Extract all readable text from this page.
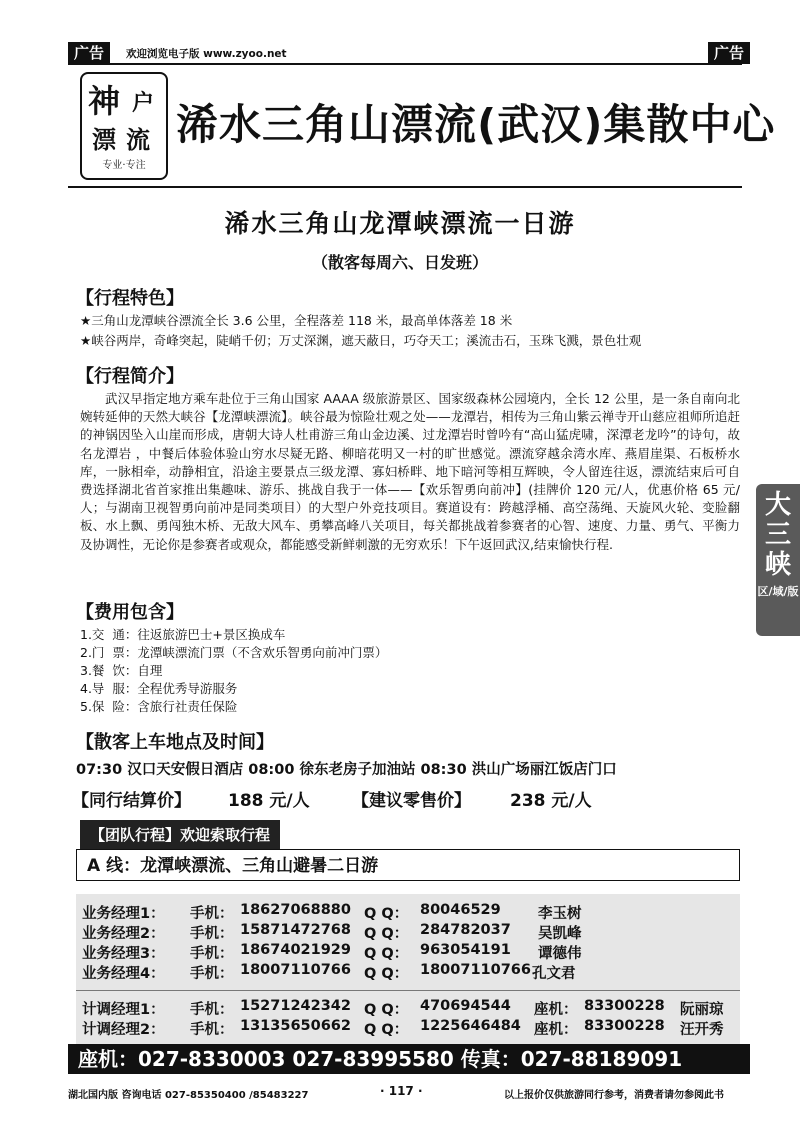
广告	欢迎浏览电子版 www.zyoo.net	广告
神 户
漂 流
专业·专注
浠水三角山漂流(武汉)集散中心
浠水三角山龙潭峡漂流一日游
（散客每周六、日发班）
【行程特色】
★三角山龙潭峡谷漂流全长 3.6 公里，全程落差 118 米，最高单体落差 18 米
★峡谷两岸，奇峰突起，陡峭千仞；万丈深渊，遮天蔽日，巧夺天工；溪流击石，玉珠飞溅，景色壮观
【行程简介】
武汉早指定地方乘车赴位于三角山国家 AAAA 级旅游景区、国家级森林公园境内，全长 12 公里，是一条自南向北婉转延伸的天然大峡谷【龙潭峡漂流】。峡谷最为惊险壮观之处——龙潭岩，相传为三角山紫云禅寺开山慈应祖师所追赶的神锅因坠入山崖而形成，唐朝大诗人杜甫游三角山金边溪、过龙潭岩时曾吟有“高山猛虎啸，深潭老龙吟”的诗句，故名龙潭岩 ，中餐后体验体验山穷水尽疑无路、柳暗花明又一村的旷世感觉。漂流穿越余湾水库、燕眉崖渠、石板桥水库，一脉相牵，动静相宜，沿途主要景点三级龙潭、寡妇桥畔、地下暗河等相互辉映，令人留连往返，漂流结束后可自费选择湖北省首家推出集趣味、游乐、挑战自我于一体——【欢乐智勇向前冲】(挂牌价 120 元/人，优惠价格 65 元/人；与湖南卫视智勇向前冲是同类项目）的大型户外竞技项目。赛道设有：跨越浮桶、高空荡绳、天旋风火轮、变脸翻板、水上飘、勇闯独木桥、无敌大风车、勇攀高峰八关项目，每关都挑战着参赛者的心智、速度、力量、勇气、平衡力及协调性，无论你是参赛者或观众，都能感受新鲜刺激的无穷欢乐！下午返回武汉,结束愉快行程.
大
三
峡
区/域/版
【费用包含】
1.交  通：往返旅游巴士+景区换成车
2.门  票：龙潭峡漂流门票（不含欢乐智勇向前冲门票）
3.餐  饮：自理
4.导  服：全程优秀导游服务
5.保  险：含旅行社责任保险
【散客上车地点及时间】
07:30 汉口天安假日酒店 08:00 徐东老房子加油站 08:30 洪山广场丽江饭店门口
【同行结算价】 188 元/人 【建议零售价】 238 元/人
【团队行程】欢迎索取行程
A 线：龙潭峡漂流、三角山避暑二日游
业务经理1： 手机： 18627068880 Q Q： 80046529	李玉树
业务经理2： 手机： 15871472768 Q Q： 284782037 吴凯峰
业务经理3： 手机： 18674021929 Q Q： 963054191 谭德伟
业务经理4： 手机： 18007110766 Q Q： 18007110766 孔文君
计调经理1： 手机： 15271242342 Q Q： 470694544 座机： 83300228 阮丽琼
计调经理2： 手机： 13135650662 Q Q： 1225646484 座机： 83300228 汪开秀
座机：027-8330003 027-83995580 传真：027-88189091
湖北国内版 咨询电话 027-85350400 /85483227	· 117 ·	以上报价仅供旅游同行参考，消费者请勿参阅此书
